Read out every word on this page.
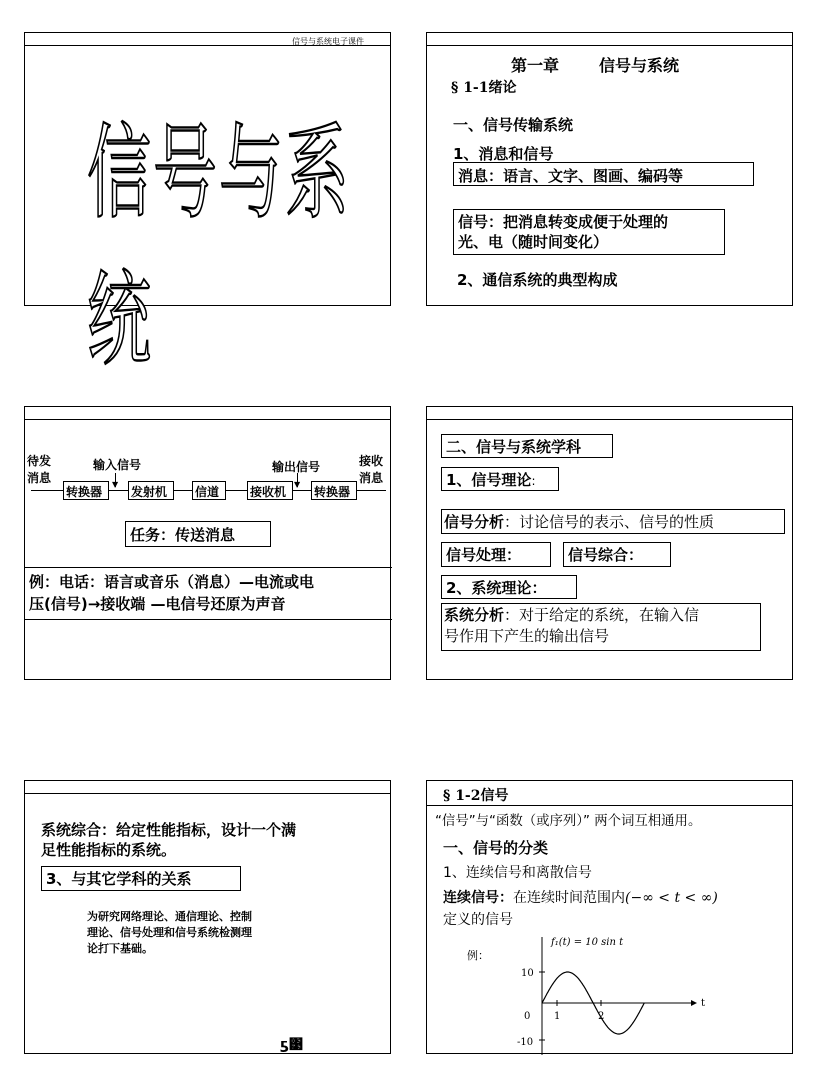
信号与系统电子课件
信号与系统
第一章 信号与系统
§ 1-1绪论
一、信号传输系统
1、消息和信号
消息：语言、文字、图画、编码等
信号：把消息转变成便于处理的
光、电（随时间变化）
2、通信系统的典型构成
待发
消息
输入信号	输出信号	接收
消息
▼	▼
转换器	发射机	信道	接收机	转换器
任务：传送消息
例：电话：语言或音乐（消息）—电流或电
压(信号)→接收端 —电信号还原为声音
二、信号与系统学科
1、信号理论:
信号分析：讨论信号的表示、信号的性质
信号处理：	信号综合：
2、系统理论：
系统分析：对于给定的系统，在输入信
号作用下产生的输出信号
系统综合：给定性能指标，设计一个满
足性能指标的系统。
3、与其它学科的关系
为研究网络理论、通信理论、控制
理论、信号处理和信号系统检测理
论打下基础。
ƽ͹
§ 1-2信号
“信号”与“函数（或序列）” 两个词互相通用。
一、信号的分类
1、连续信号和离散信号
连续信号：在连续时间范围内(−∞ < t < ∞)
定义的信号
例：
f₁(t) = 10 sin t
t
10
0
-10
1	2
